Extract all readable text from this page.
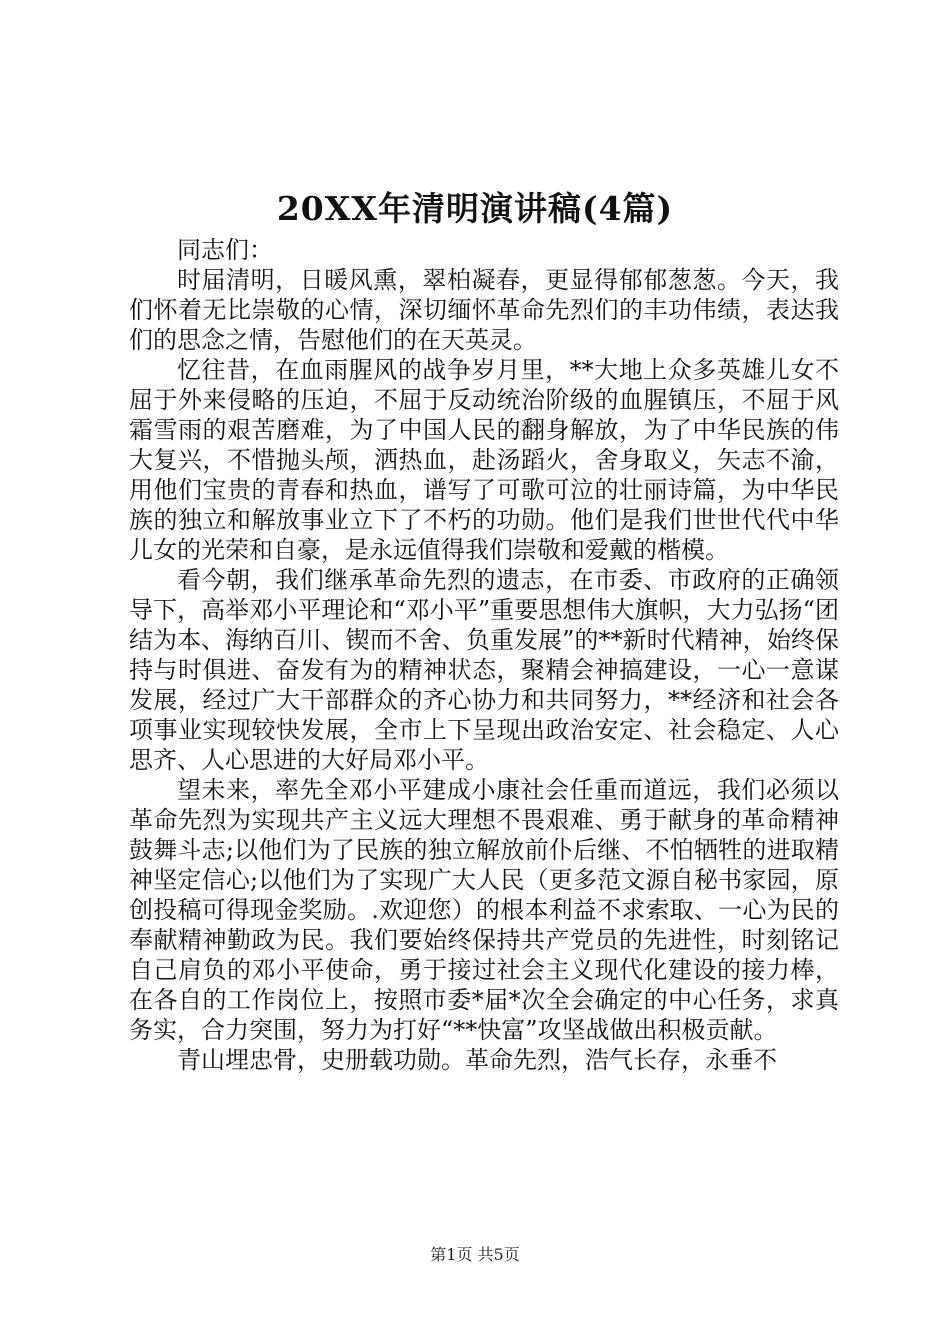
20XX年清明演讲稿(4篇)

同志们：

时届清明，日暖风熏，翠柏凝春，更显得郁郁葱葱。今天，我们怀着无比崇敬的心情，深切缅怀革命先烈们的丰功伟绩，表达我们的思念之情，告慰他们的在天英灵。

忆往昔，在血雨腥风的战争岁月里，**大地上众多英雄儿女不屈于外来侵略的压迫，不屈于反动统治阶级的血腥镇压，不屈于风霜雪雨的艰苦磨难，为了中国人民的翻身解放，为了中华民族的伟大复兴，不惜抛头颅，洒热血，赴汤蹈火，舍身取义，矢志不渝，用他们宝贵的青春和热血，谱写了可歌可泣的壮丽诗篇，为中华民族的独立和解放事业立下了不朽的功勋。他们是我们世世代代中华儿女的光荣和自豪，是永远值得我们崇敬和爱戴的楷模。

看今朝，我们继承革命先烈的遗志，在市委、市政府的正确领导下，高举邓小平理论和“邓小平”重要思想伟大旗帜，大力弘扬“团结为本、海纳百川、锲而不舍、负重发展”的**新时代精神，始终保持与时俱进、奋发有为的精神状态，聚精会神搞建设，一心一意谋发展，经过广大干部群众的齐心协力和共同努力，**经济和社会各项事业实现较快发展，全市上下呈现出政治安定、社会稳定、人心思齐、人心思进的大好局邓小平。

望未来，率先全邓小平建成小康社会任重而道远，我们必须以革命先烈为实现共产主义远大理想不畏艰难、勇于献身的革命精神鼓舞斗志;以他们为了民族的独立解放前仆后继、不怕牺牲的进取精神坚定信心;以他们为了实现广大人民（更多范文源自秘书家园，原创投稿可得现金奖励。.欢迎您）的根本利益不求索取、一心为民的奉献精神勤政为民。我们要始终保持共产党员的先进性，时刻铭记自己肩负的邓小平使命，勇于接过社会主义现代化建设的接力棒，在各自的工作岗位上，按照市委*届*次全会确定的中心任务，求真务实，合力突围，努力为打好“**快富”攻坚战做出积极贡献。

青山埋忠骨，史册载功勋。革命先烈，浩气长存，永垂不

第1页 共5页
